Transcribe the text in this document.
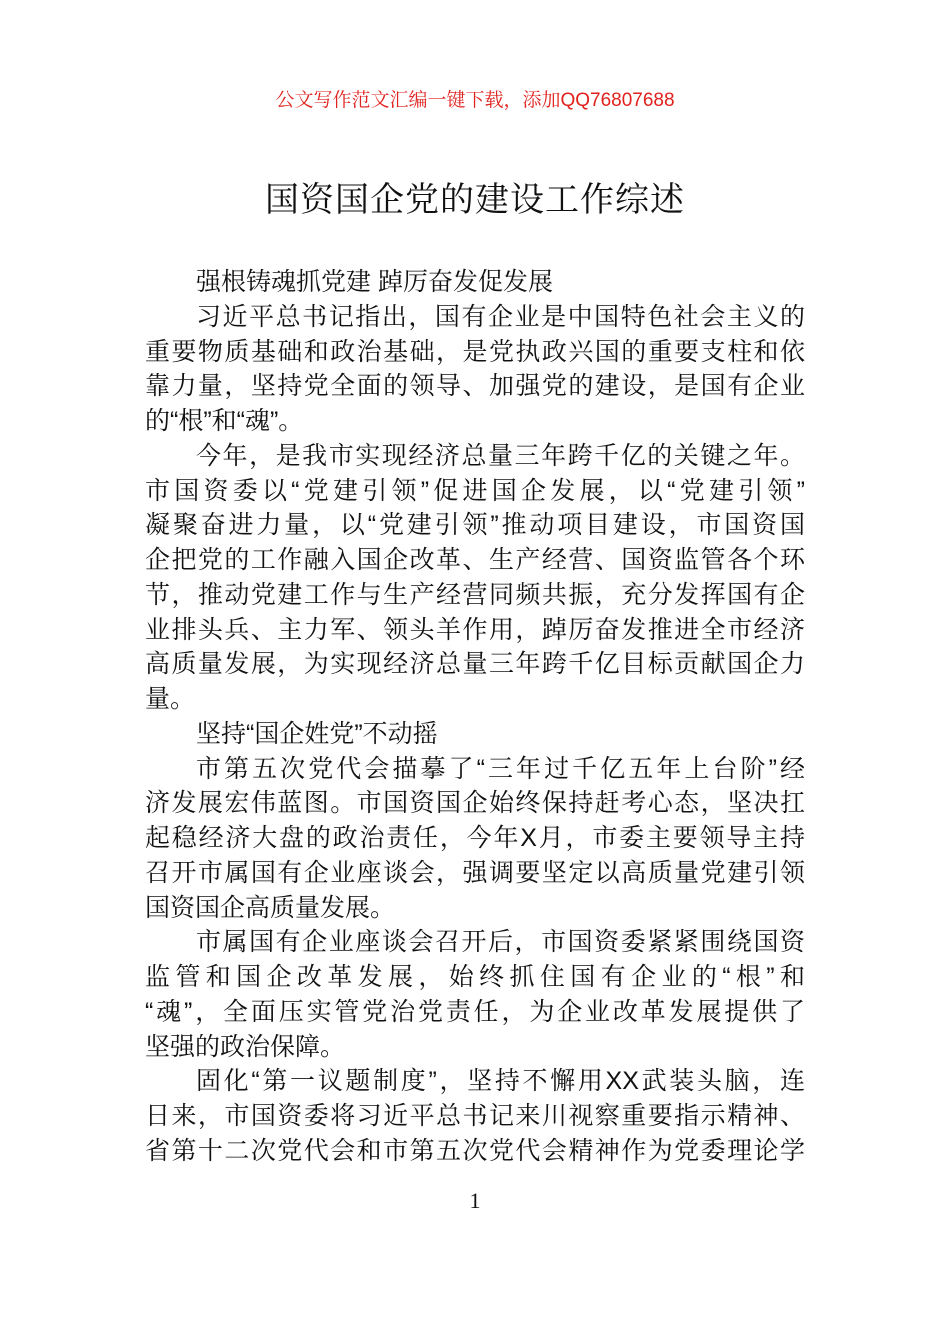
公文写作范文汇编一键下载，添加QQ76807688
国资国企党的建设工作综述
强根铸魂抓党建 踔厉奋发促发展
习近平总书记指出，国有企业是中国特色社会主义的
重要物质基础和政治基础，是党执政兴国的重要支柱和依
靠力量，坚持党全面的领导、加强党的建设，是国有企业
的“根”和“魂”。
今年，是我市实现经济总量三年跨千亿的关键之年。
市国资委以“党建引领”促进国企发展，以“党建引领”
凝聚奋进力量，以“党建引领”推动项目建设，市国资国
企把党的工作融入国企改革、生产经营、国资监管各个环
节，推动党建工作与生产经营同频共振，充分发挥国有企
业排头兵、主力军、领头羊作用，踔厉奋发推进全市经济
高质量发展，为实现经济总量三年跨千亿目标贡献国企力
量。
坚持“国企姓党”不动摇
市第五次党代会描摹了“三年过千亿五年上台阶”经
济发展宏伟蓝图。市国资国企始终保持赶考心态，坚决扛
起稳经济大盘的政治责任，今年X月，市委主要领导主持
召开市属国有企业座谈会，强调要坚定以高质量党建引领
国资国企高质量发展。
市属国有企业座谈会召开后，市国资委紧紧围绕国资
监管和国企改革发展，始终抓住国有企业的“根”和
“魂”，全面压实管党治党责任，为企业改革发展提供了
坚强的政治保障。
固化“第一议题制度”，坚持不懈用XX武装头脑，连
日来，市国资委将习近平总书记来川视察重要指示精神、
省第十二次党代会和市第五次党代会精神作为党委理论学
1
